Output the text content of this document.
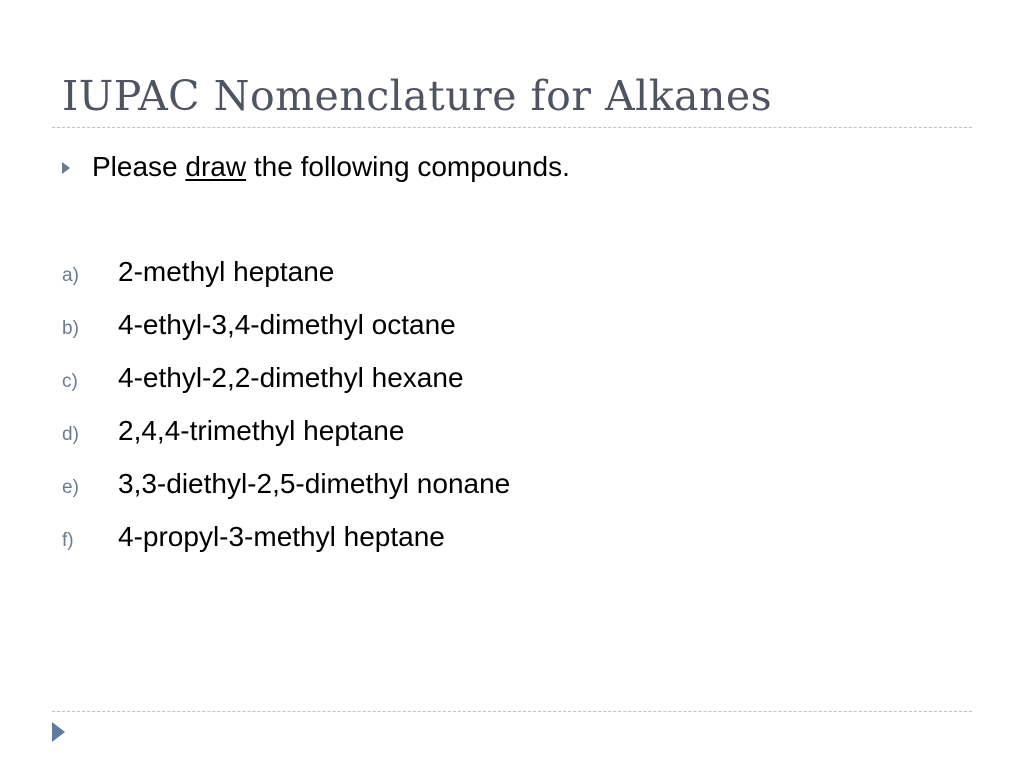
IUPAC Nomenclature for Alkanes
Please draw the following compounds.
a)	2-methyl heptane
b)	4-ethyl-3,4-dimethyl octane
c)	4-ethyl-2,2-dimethyl hexane
d)	2,4,4-trimethyl heptane
e)	3,3-diethyl-2,5-dimethyl nonane
f)	4-propyl-3-methyl heptane
